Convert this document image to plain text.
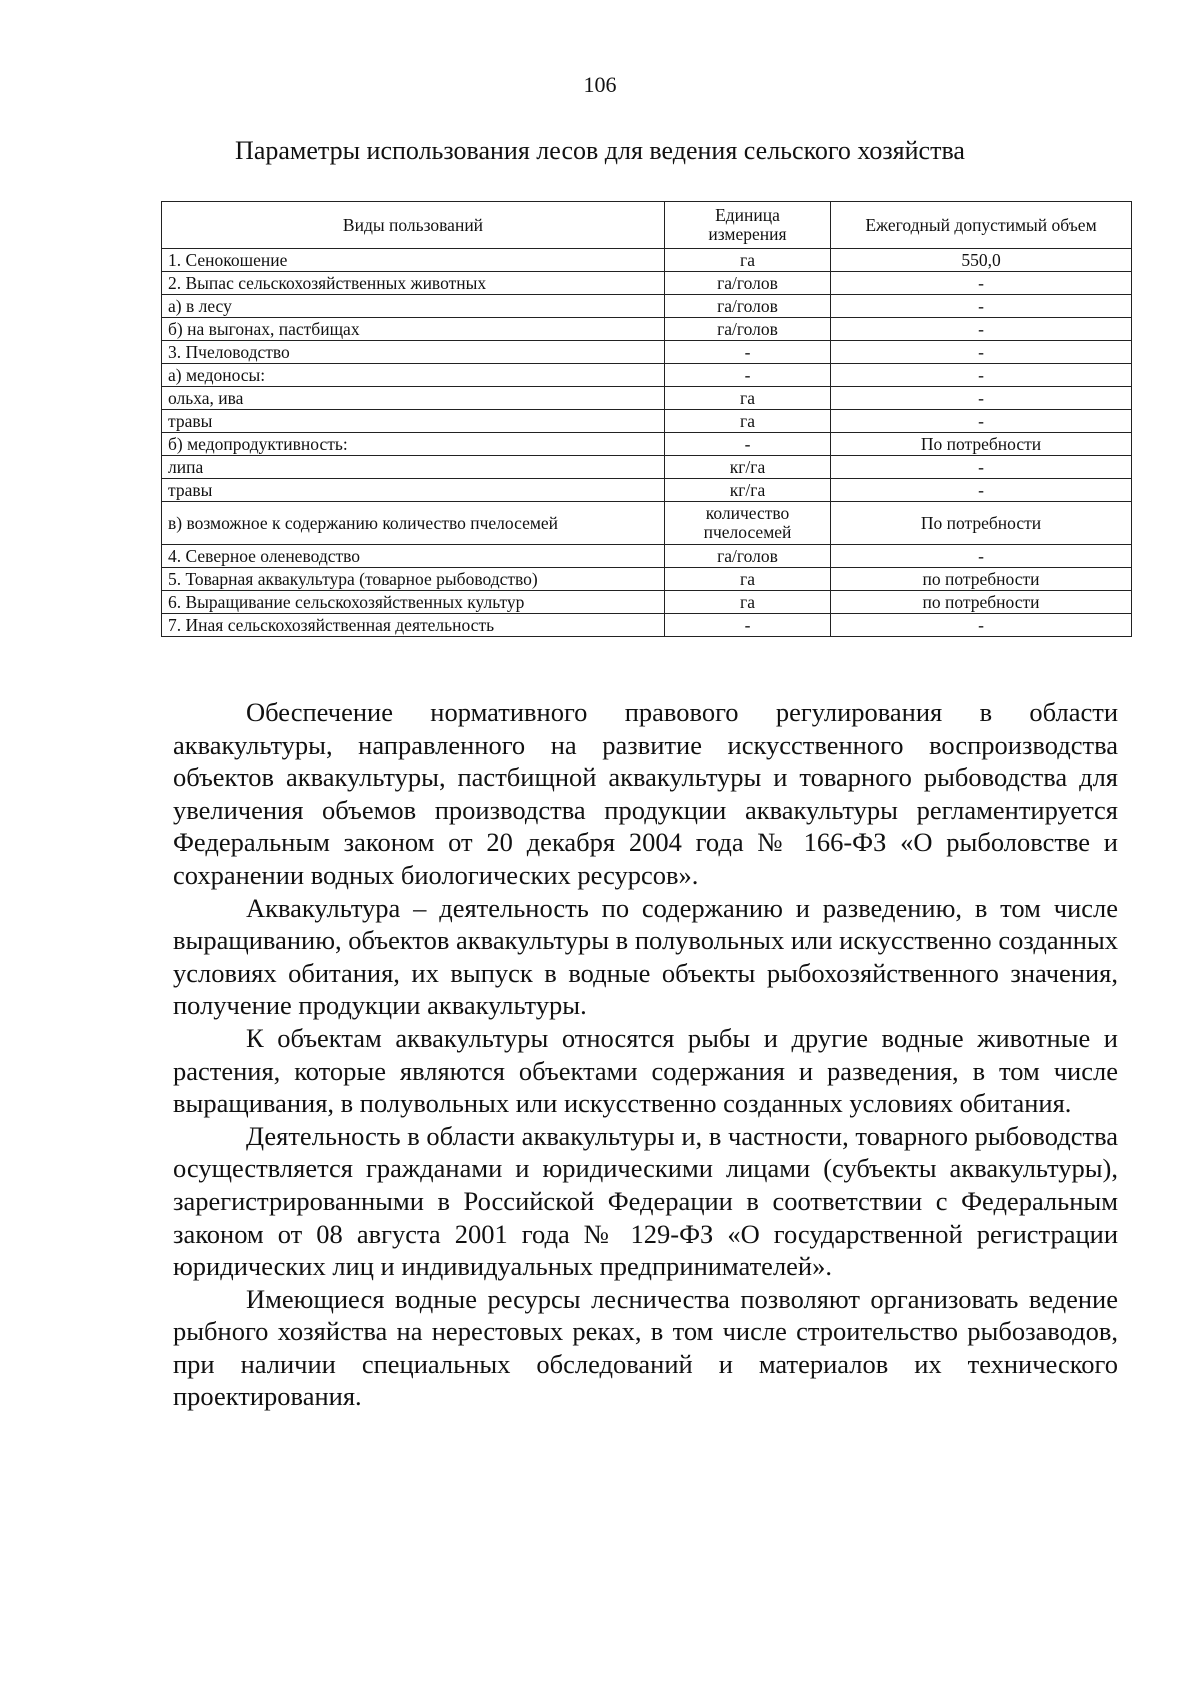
106
Параметры использования лесов для ведения сельского хозяйства
Виды пользований	Единица измерения	Ежегодный допустимый объем
1. Сенокошение	га	550,0
2. Выпас сельскохозяйственных животных	га/голов	-
а) в лесу	га/голов	-
б) на выгонах, пастбищах	га/голов	-
3. Пчеловодство	-	-
а) медоносы:	-	-
ольха, ива	га	-
травы	га	-
б) медопродуктивность:	-	По потребности
липа	кг/га	-
травы	кг/га	-
в) возможное к содержанию количество пчелосемей	количество пчелосемей	По потребности
4. Северное оленеводство	га/голов	-
5. Товарная аквакультура (товарное рыбоводство)	га	по потребности
6. Выращивание сельскохозяйственных культур	га	по потребности
7. Иная сельскохозяйственная деятельность	-	-

Обеспечение нормативного правового регулирования в области аквакультуры, направленного на развитие искусственного воспроизводства объектов аквакультуры, пастбищной аквакультуры и товарного рыбоводства для увеличения объемов производства продукции аквакультуры регламентируется Федеральным законом от 20 декабря 2004 года № 166-ФЗ «О рыболовстве и сохранении водных биологических ресурсов».

Аквакультура – деятельность по содержанию и разведению, в том числе выращиванию, объектов аквакультуры в полувольных или искусственно созданных условиях обитания, их выпуск в водные объекты рыбохозяйственного значения, получение продукции аквакультуры.

К объектам аквакультуры относятся рыбы и другие водные животные и растения, которые являются объектами содержания и разведения, в том числе выращивания, в полувольных или искусственно созданных условиях обитания.

Деятельность в области аквакультуры и, в частности, товарного рыбоводства осуществляется гражданами и юридическими лицами (субъекты аквакультуры), зарегистрированными в Российской Федерации в соответствии с Федеральным законом от 08 августа 2001 года № 129-ФЗ «О государственной регистрации юридических лиц и индивидуальных предпринимателей».

Имеющиеся водные ресурсы лесничества позволяют организовать ведение рыбного хозяйства на нерестовых реках, в том числе строительство рыбозаводов, при наличии специальных обследований и материалов их технического проектирования.
